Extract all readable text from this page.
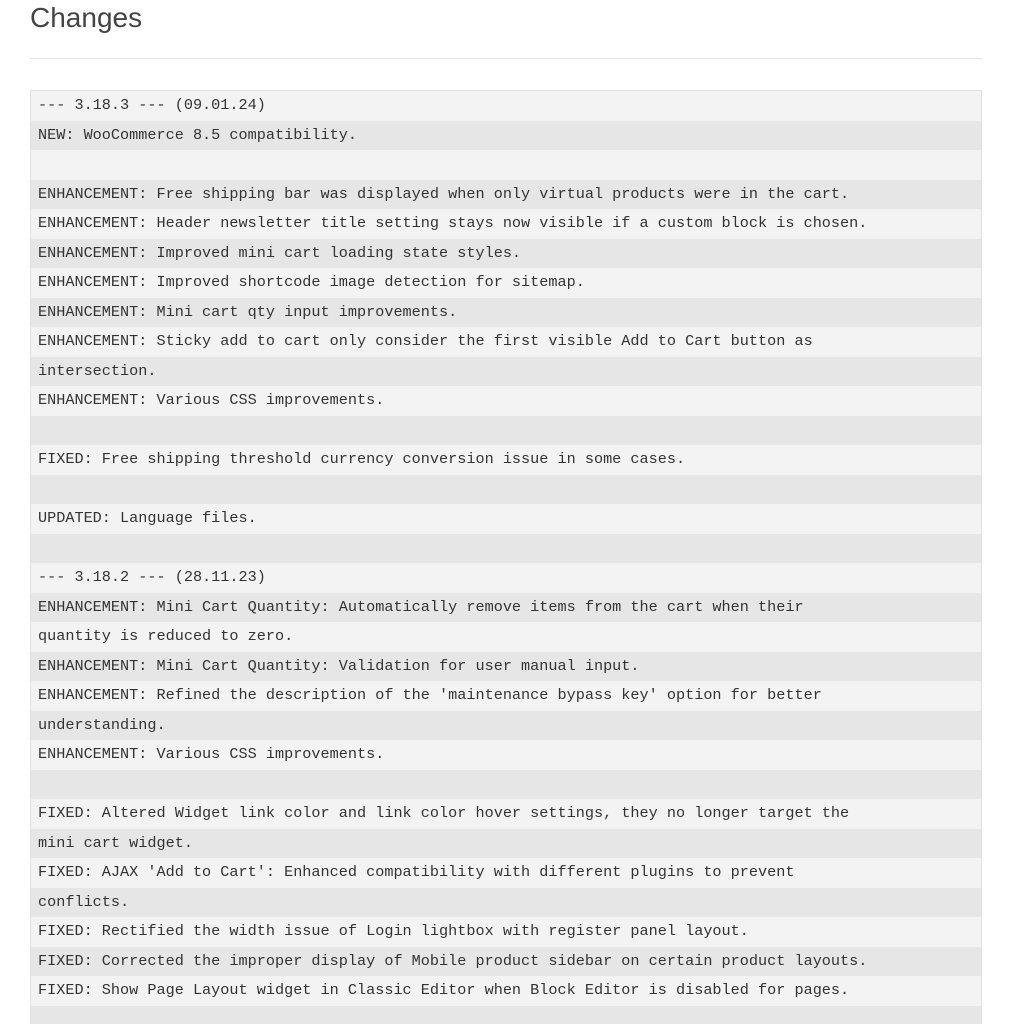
Changes
--- 3.18.3 --- (09.01.24)
NEW: WooCommerce 8.5 compatibility.
ENHANCEMENT: Free shipping bar was displayed when only virtual products were in the cart.
ENHANCEMENT: Header newsletter title setting stays now visible if a custom block is chosen.
ENHANCEMENT: Improved mini cart loading state styles.
ENHANCEMENT: Improved shortcode image detection for sitemap.
ENHANCEMENT: Mini cart qty input improvements.
ENHANCEMENT: Sticky add to cart only consider the first visible Add to Cart button as
intersection.
ENHANCEMENT: Various CSS improvements.
FIXED: Free shipping threshold currency conversion issue in some cases.
UPDATED: Language files.
--- 3.18.2 --- (28.11.23)
ENHANCEMENT: Mini Cart Quantity: Automatically remove items from the cart when their
quantity is reduced to zero.
ENHANCEMENT: Mini Cart Quantity: Validation for user manual input.
ENHANCEMENT: Refined the description of the 'maintenance bypass key' option for better
understanding.
ENHANCEMENT: Various CSS improvements.
FIXED: Altered Widget link color and link color hover settings, they no longer target the
mini cart widget.
FIXED: AJAX 'Add to Cart': Enhanced compatibility with different plugins to prevent
conflicts.
FIXED: Rectified the width issue of Login lightbox with register panel layout.
FIXED: Corrected the improper display of Mobile product sidebar on certain product layouts.
FIXED: Show Page Layout widget in Classic Editor when Block Editor is disabled for pages.
